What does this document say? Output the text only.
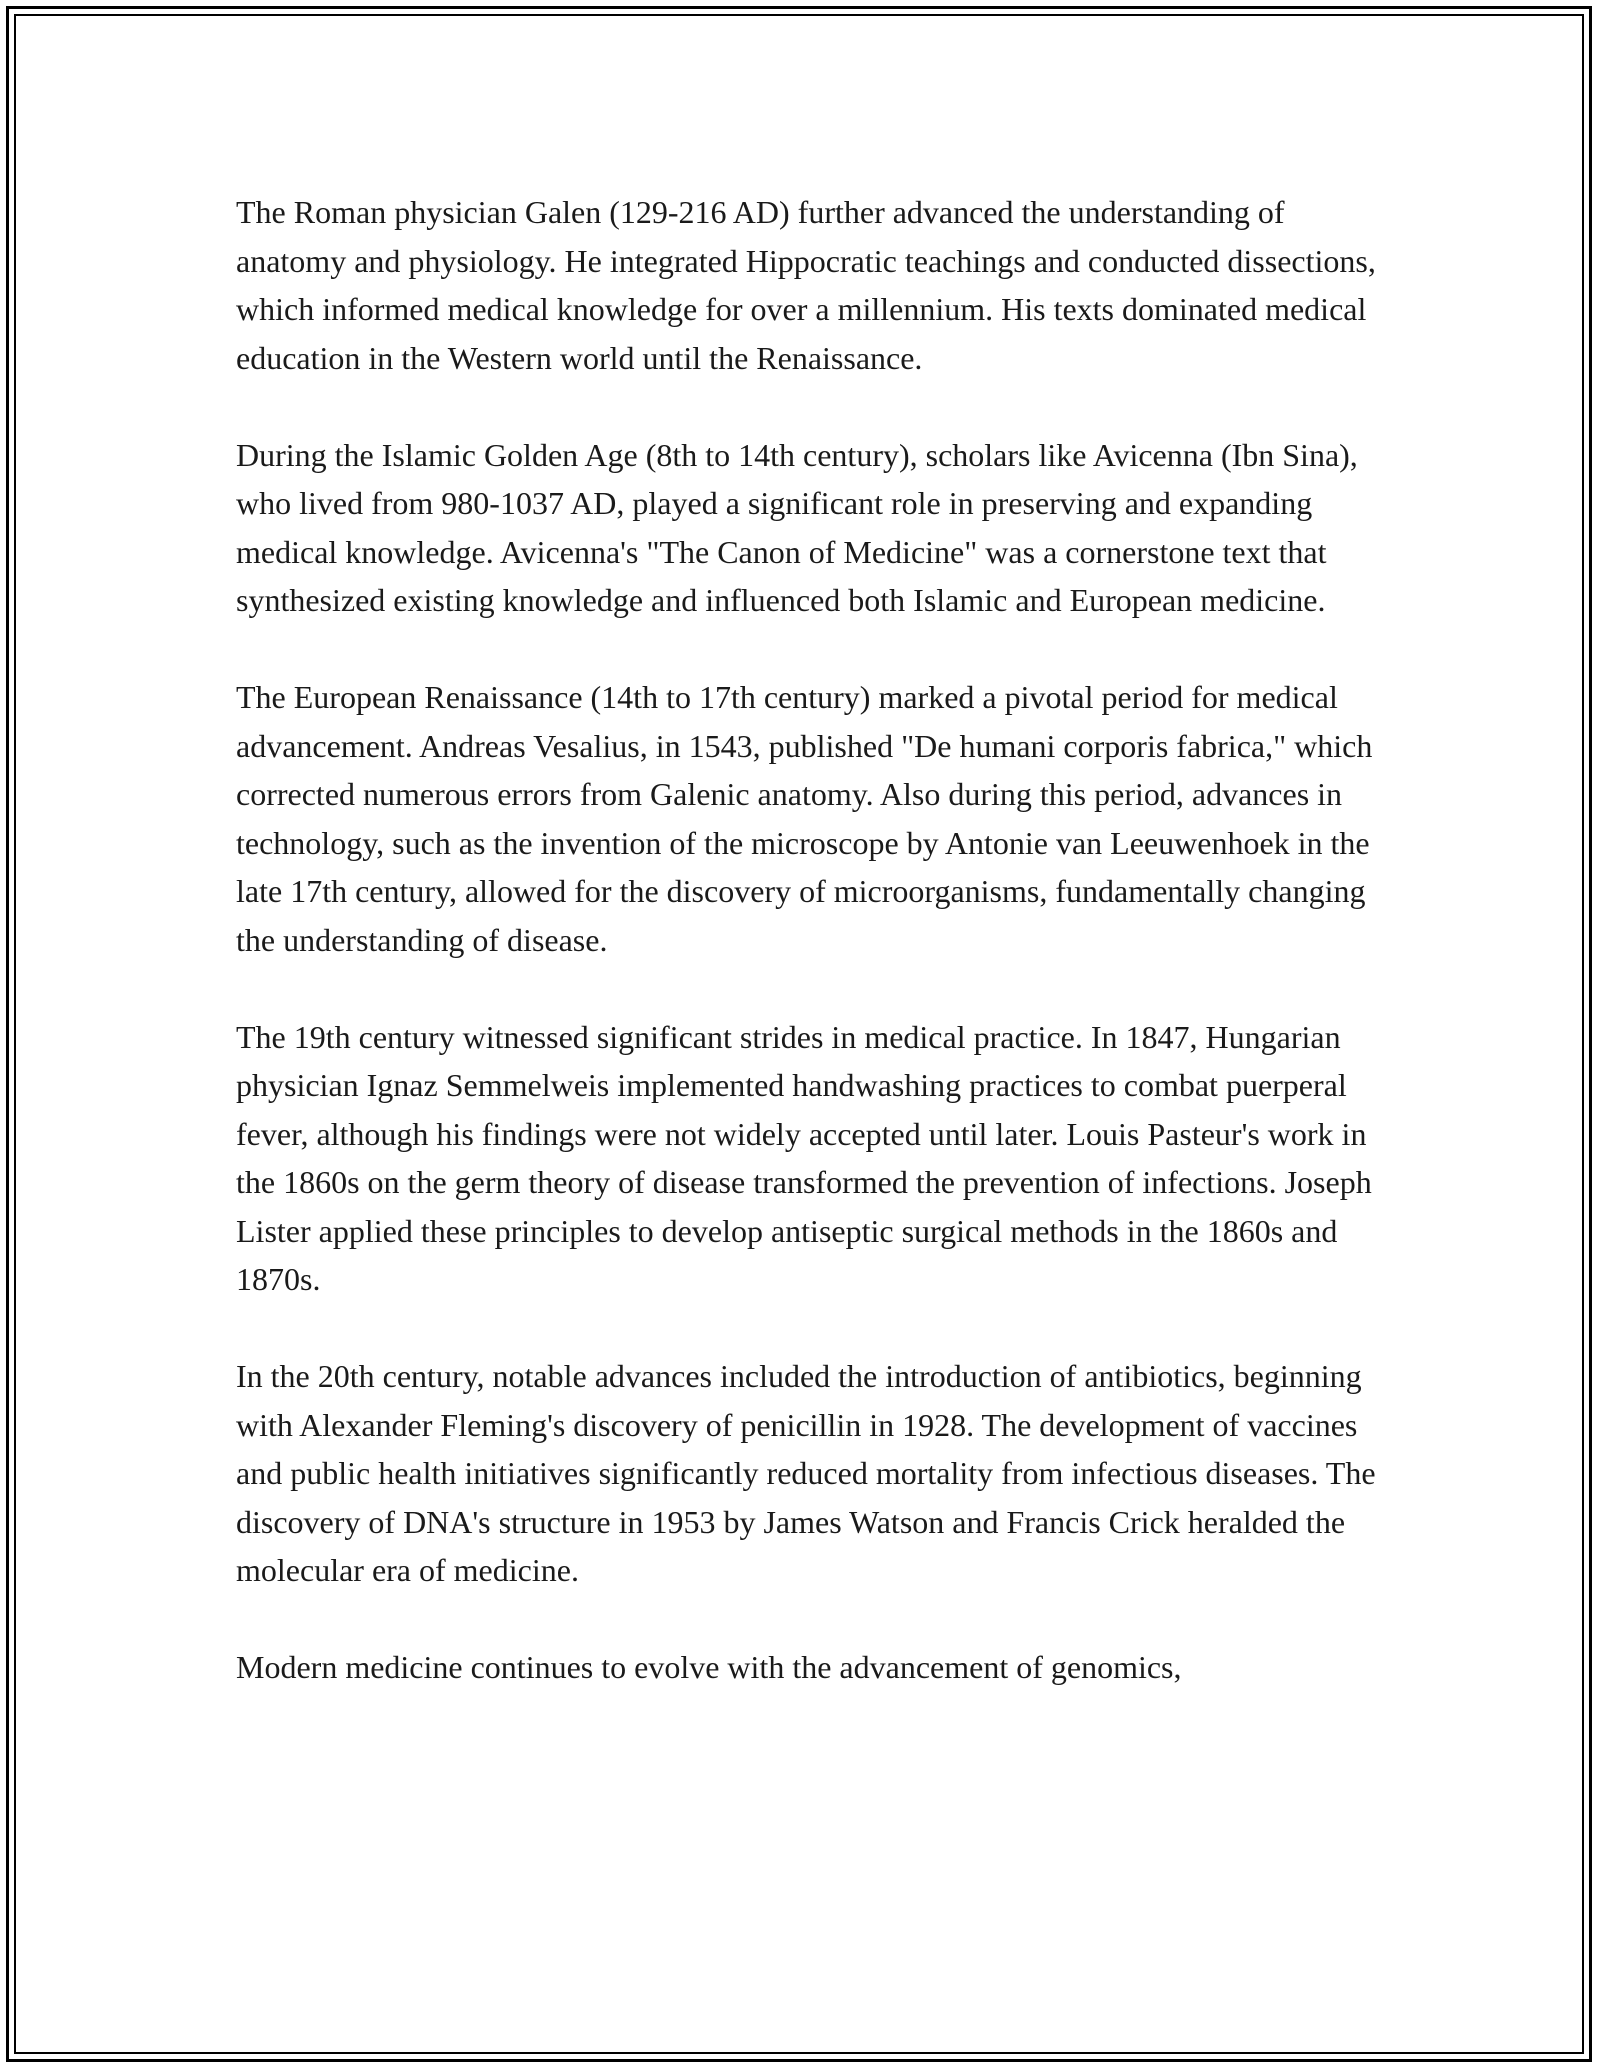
The Roman physician Galen (129-216 AD) further advanced the understanding of anatomy and physiology. He integrated Hippocratic teachings and conducted dissections, which informed medical knowledge for over a millennium. His texts dominated medical education in the Western world until the Renaissance.

During the Islamic Golden Age (8th to 14th century), scholars like Avicenna (Ibn Sina), who lived from 980-1037 AD, played a significant role in preserving and expanding medical knowledge. Avicenna's "The Canon of Medicine" was a cornerstone text that synthesized existing knowledge and influenced both Islamic and European medicine.

The European Renaissance (14th to 17th century) marked a pivotal period for medical advancement. Andreas Vesalius, in 1543, published "De humani corporis fabrica," which corrected numerous errors from Galenic anatomy. Also during this period, advances in technology, such as the invention of the microscope by Antonie van Leeuwenhoek in the late 17th century, allowed for the discovery of microorganisms, fundamentally changing the understanding of disease.

The 19th century witnessed significant strides in medical practice. In 1847, Hungarian physician Ignaz Semmelweis implemented handwashing practices to combat puerperal fever, although his findings were not widely accepted until later. Louis Pasteur's work in the 1860s on the germ theory of disease transformed the prevention of infections. Joseph Lister applied these principles to develop antiseptic surgical methods in the 1860s and 1870s.

In the 20th century, notable advances included the introduction of antibiotics, beginning with Alexander Fleming's discovery of penicillin in 1928. The development of vaccines and public health initiatives significantly reduced mortality from infectious diseases. The discovery of DNA's structure in 1953 by James Watson and Francis Crick heralded the molecular era of medicine.

Modern medicine continues to evolve with the advancement of genomics,
